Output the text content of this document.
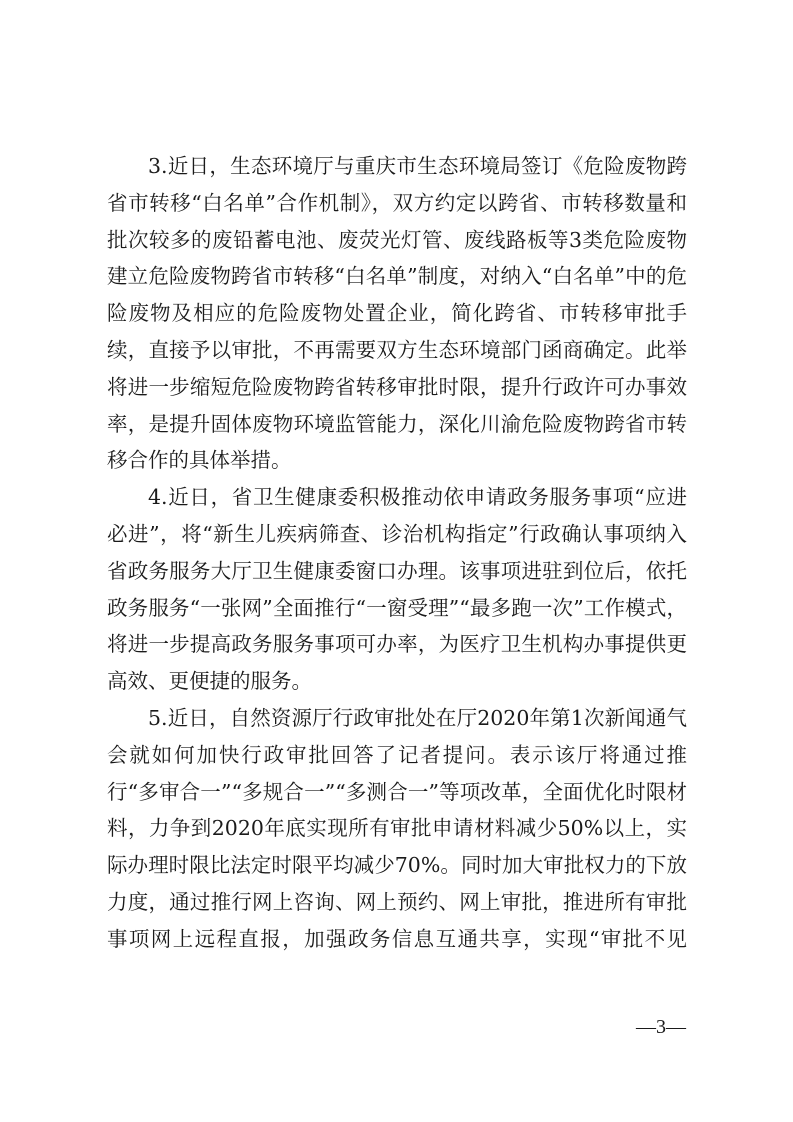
3.近日，生态环境厅与重庆市生态环境局签订《危险废物跨省市转移“白名单”合作机制》，双方约定以跨省、市转移数量和批次较多的废铅蓄电池、废荧光灯管、废线路板等3类危险废物建立危险废物跨省市转移“白名单”制度，对纳入“白名单”中的危险废物及相应的危险废物处置企业，简化跨省、市转移审批手续，直接予以审批，不再需要双方生态环境部门函商确定。此举将进一步缩短危险废物跨省转移审批时限，提升行政许可办事效率，是提升固体废物环境监管能力，深化川渝危险废物跨省市转移合作的具体举措。

4.近日，省卫生健康委积极推动依申请政务服务事项“应进必进”，将“新生儿疾病筛查、诊治机构指定”行政确认事项纳入省政务服务大厅卫生健康委窗口办理。该事项进驻到位后，依托政务服务“一张网”全面推行“一窗受理”“最多跑一次”工作模式，将进一步提高政务服务事项可办率，为医疗卫生机构办事提供更高效、更便捷的服务。

5.近日，自然资源厅行政审批处在厅2020年第1次新闻通气会就如何加快行政审批回答了记者提问。表示该厅将通过推行“多审合一”“多规合一”“多测合一”等项改革，全面优化时限材料，力争到2020年底实现所有审批申请材料减少50%以上，实际办理时限比法定时限平均减少70%。同时加大审批权力的下放力度，通过推行网上咨询、网上预约、网上审批，推进所有审批事项网上远程直报，加强政务信息互通共享，实现“审批不见

—3—
